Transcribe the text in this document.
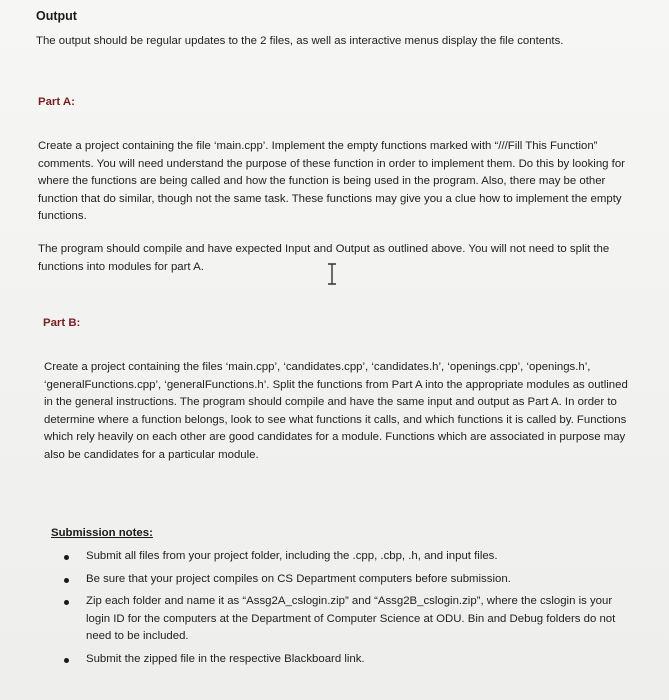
Output

The output should be regular updates to the 2 files, as well as interactive menus display the file contents.

Part A:

Create a project containing the file ‘main.cpp’. Implement the empty functions marked with “///Fill This Function” comments. You will need understand the purpose of these function in order to implement them. Do this by looking for where the functions are being called and how the function is being used in the program. Also, there may be other function that do similar, though not the same task. These functions may give you a clue how to implement the empty functions.

The program should compile and have expected Input and Output as outlined above. You will not need to split the functions into modules for part A.

Part B:

Create a project containing the files ‘main.cpp’, ‘candidates.cpp’, ‘candidates.h’, ‘openings.cpp’, ‘openings.h’, ‘generalFunctions.cpp’, ‘generalFunctions.h’. Split the functions from Part A into the appropriate modules as outlined in the general instructions. The program should compile and have the same input and output as Part A. In order to determine where a function belongs, look to see what functions it calls, and which functions it is called by. Functions which rely heavily on each other are good candidates for a module. Functions which are associated in purpose may also be candidates for a particular module.

Submission notes:
Submit all files from your project folder, including the .cpp, .cbp, .h, and input files.
Be sure that your project compiles on CS Department computers before submission.
Zip each folder and name it as “Assg2A_cslogin.zip” and “Assg2B_cslogin.zip”, where the cslogin is your login ID for the computers at the Department of Computer Science at ODU. Bin and Debug folders do not need to be included.
Submit the zipped file in the respective Blackboard link.
